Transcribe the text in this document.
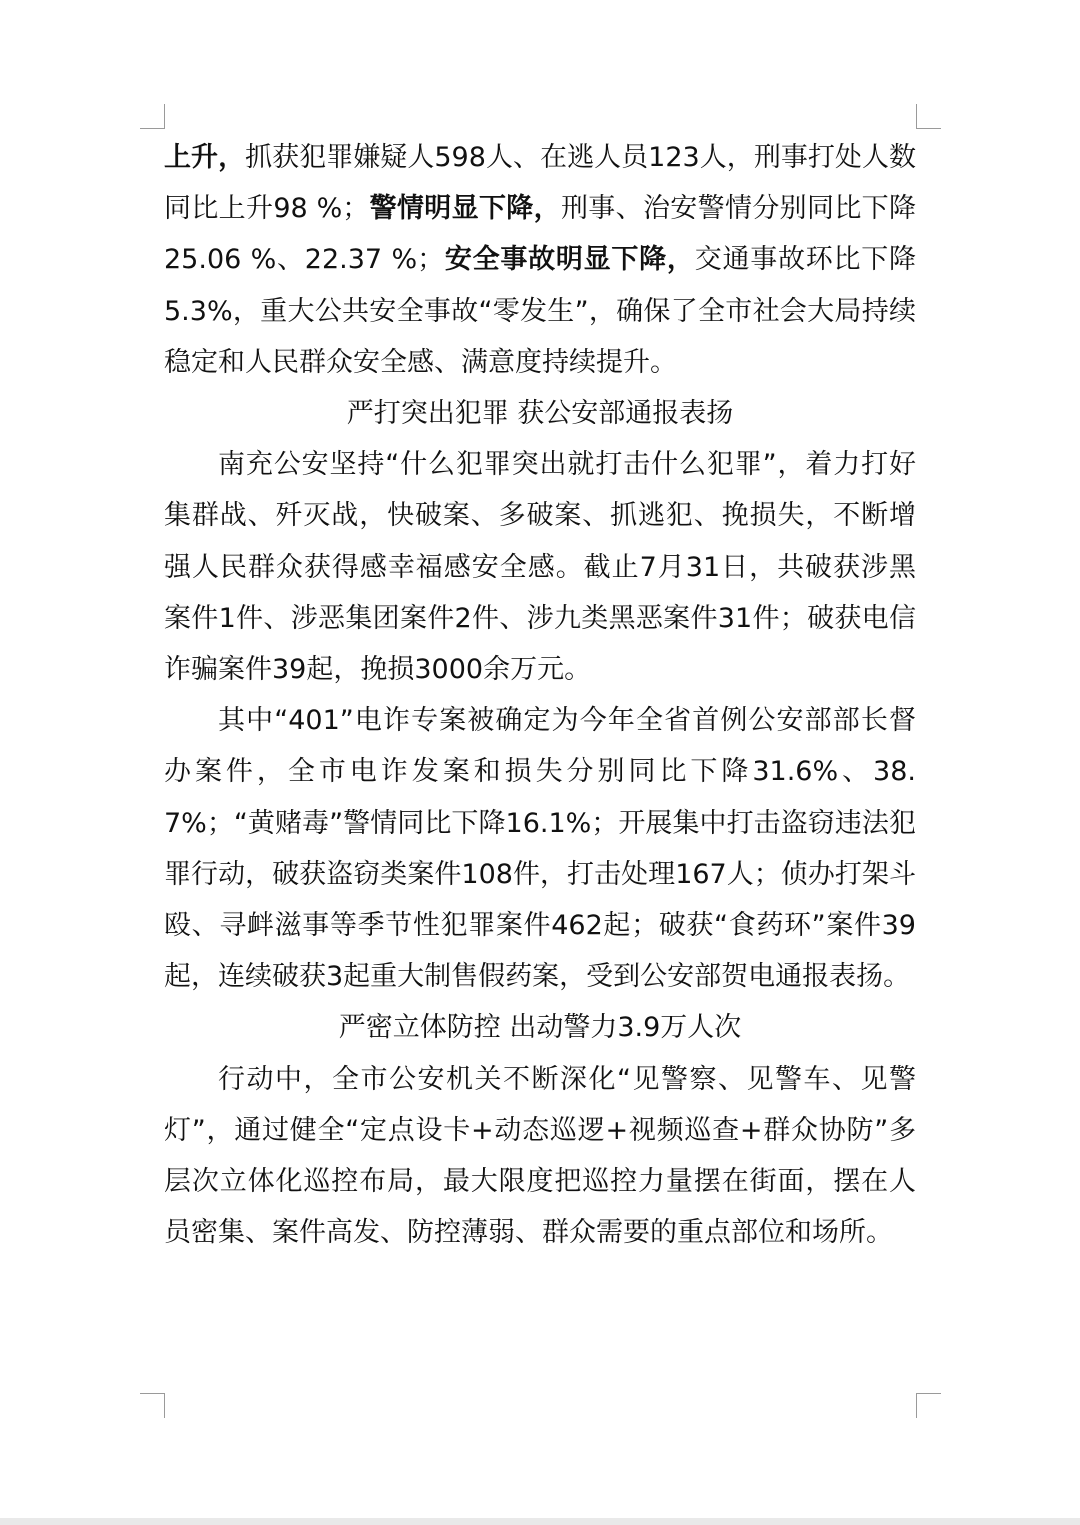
上升，抓获犯罪嫌疑人598人、在逃人员123人，刑事打处人数同比上升98 %；警情明显下降，刑事、治安警情分别同比下降25.06 %、22.37 %；安全事故明显下降，交通事故环比下降 5.3%，重大公共安全事故“零发生”，确保了全市社会大局持续稳定和人民群众安全感、满意度持续提升。

严打突出犯罪 获公安部通报表扬

南充公安坚持“什么犯罪突出就打击什么犯罪”，着力打好集群战、歼灭战，快破案、多破案、抓逃犯、挽损失，不断增强人民群众获得感幸福感安全感。截止7月31日，共破获涉黑案件1件、涉恶集团案件2件、涉九类黑恶案件31件；破获电信诈骗案件39起，挽损3000余万元。

其中“401”电诈专案被确定为今年全省首例公安部部长督办案件，全市电诈发案和损失分别同比下降31.6%、38.7%；“黄赌毒”警情同比下降16.1%；开展集中打击盗窃违法犯罪行动，破获盗窃类案件108件，打击处理167人；侦办打架斗殴、寻衅滋事等季节性犯罪案件462起；破获“食药环”案件39起，连续破获3起重大制售假药案，受到公安部贺电通报表扬。

严密立体防控 出动警力3.9万人次

行动中，全市公安机关不断深化“见警察、见警车、见警灯”，通过健全“定点设卡+动态巡逻+视频巡查+群众协防”多层次立体化巡控布局，最大限度把巡控力量摆在街面，摆在人员密集、案件高发、防控薄弱、群众需要的重点部位和场所。
